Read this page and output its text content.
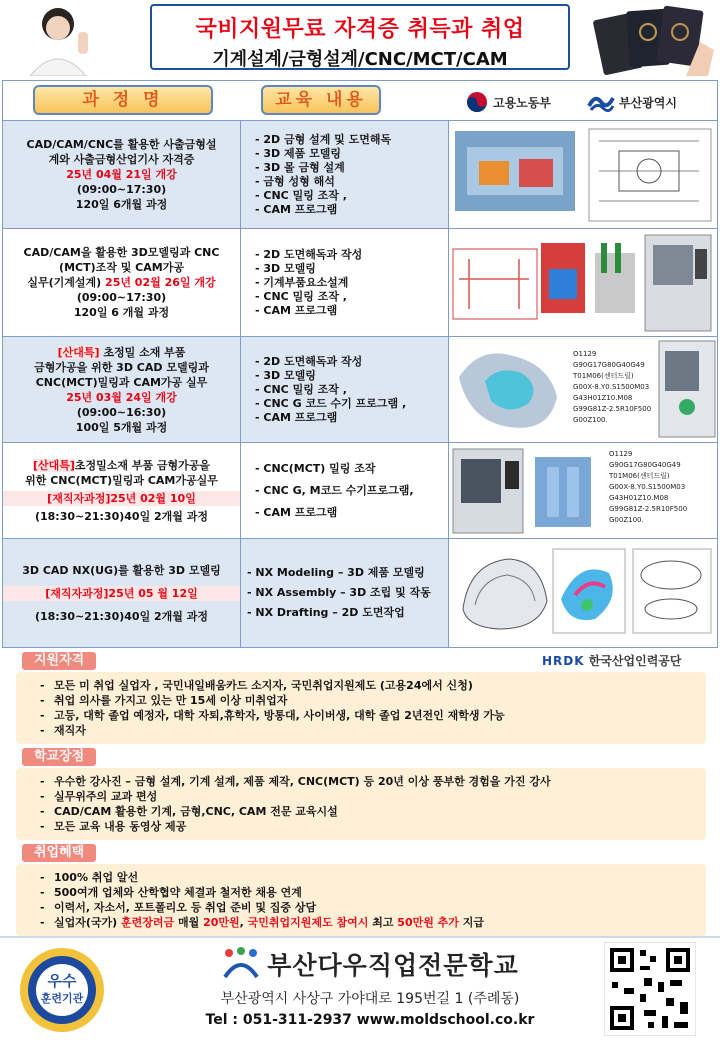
국비지원무료 자격증 취득과 취업
기계설계/금형설계/CNC/MCT/CAM
과 정 명	교육 내용	고용노동부	부산광역시
CAD/CAM/CNC를 활용한 사출금형설
계와 사출금형산업기사 자격증
25년 04월 21일 개강
(09:00~17:30)
120일 6개월 과정
- 2D 금형 설계 및 도면해독
- 3D 제품 모델링
- 3D 몰 금형 설계
- 금형 성형 해석
- CNC 밀링 조작 ,
- CAM 프로그램
CAD/CAM을 활용한 3D모델링과 CNC
(MCT)조작 및 CAM가공
실무(기계설계) 25년 02월 26일 개강
(09:00~17:30)
120일 6 개월 과정
- 2D 도면해독과 작성
- 3D 모델링
- 기계부품요소설계
- CNC 밀링 조작 ,
- CAM 프로그램
[산대특] 초정밀 소재 부품
금형가공을 위한 3D CAD 모델링과
CNC(MCT)밀링과 CAM가공 실무
25년 03월 24일 개강
(09:00~16:30)
100일 5개월 과정
- 2D 도면해독과 작성
- 3D 모델링
- CNC 밀링 조작 ,
- CNC G 코드 수기 프로그램 ,
- CAM 프로그램
O1129
G90G17G80G40G49
T01M06(센터드릴)
G00X-8.Y0.S1500M03
G43H01Z10.M08
G99G81Z-2.5R10F500
G00Z100.
[산대특]초정밀소재 부품 금형가공을
위한 CNC(MCT)밀링과 CAM가공실무
[재직자과정]25년 02월 10일
(18:30~21:30)40일 2개월 과정
- CNC(MCT) 밀링 조작
- CNC G, M코드 수기프로그램,
- CAM 프로그램
O1129
G90G17G80G40G49
T01M06(센터드릴)
G00X-8.Y0.S1500M03
G43H01Z10.M08
G99G81Z-2.5R10F500
G00Z100.
3D CAD NX(UG)를 활용한 3D 모델링
[재직자과정]25년 05 월 12일
(18:30~21:30)40일 2개월 과정
- NX Modeling – 3D 제품 모델링
- NX Assembly – 3D 조립 및 작동
- NX Drafting – 2D 도면작업
HRDK 한국산업인력공단
지원자격
- 모든 미 취업 실업자 , 국민내일배움카드 소지자, 국민취업지원제도 (고용24에서 신청)
- 취업 의사를 가지고 있는 만 15세 이상 미취업자
- 고등, 대학 졸업 예정자, 대학 자퇴,휴학자, 방통대, 사이버생, 대학 졸업 2년전인 재학생 가능
- 재직자
학교장점
- 우수한 강사진 – 금형 설계, 기계 설계, 제품 제작, CNC(MCT) 등 20년 이상 풍부한 경험을 가진 강사
- 실무위주의 교과 편성
- CAD/CAM 활용한 기계, 금형,CNC, CAM 전문 교육시설
- 모든 교육 내용 동영상 제공
취업혜택
- 100% 취업 알선
- 500여개 업체와 산학협약 체결과 철저한 채용 연계
- 이력서, 자소서, 포트폴리오 등 취업 준비 및 집중 상담
- 실업자(국가) 훈련장려금 매월 20만원, 국민취업지원제도 참여시 최고 50만원 추가 지급
우수
훈련기관
부산다우직업전문학교
부산광역시 사상구 가야대로 195번길 1 (주례동)
Tel : 051-311-2937 www.moldschool.co.kr
